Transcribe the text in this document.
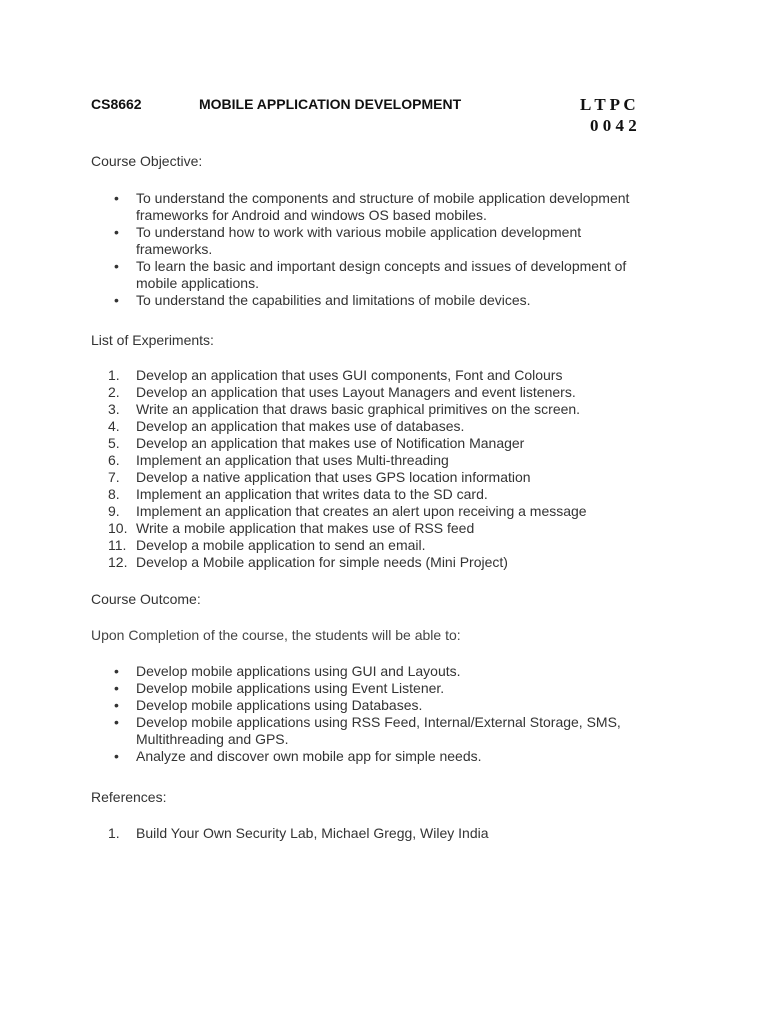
CS8662	MOBILE APPLICATION DEVELOPMENT	L T P C
0 0 4 2
Course Objective:
• To understand the components and structure of mobile application development frameworks for Android and windows OS based mobiles.
• To understand how to work with various mobile application development frameworks.
• To learn the basic and important design concepts and issues of development of mobile applications.
• To understand the capabilities and limitations of mobile devices.
List of Experiments:
1.	Develop an application that uses GUI components, Font and Colours
2.	Develop an application that uses Layout Managers and event listeners.
3.	Write an application that draws basic graphical primitives on the screen.
4.	Develop an application that makes use of databases.
5.	Develop an application that makes use of Notification Manager
6.	Implement an application that uses Multi-threading
7.	Develop a native application that uses GPS location information
8.	Implement an application that writes data to the SD card.
9.	Implement an application that creates an alert upon receiving a message
10. Write a mobile application that makes use of RSS feed
11. Develop a mobile application to send an email.
12. Develop a Mobile application for simple needs (Mini Project)
Course Outcome:
Upon Completion of the course, the students will be able to:
• Develop mobile applications using GUI and Layouts.
• Develop mobile applications using Event Listener.
• Develop mobile applications using Databases.
• Develop mobile applications using RSS Feed, Internal/External Storage, SMS, Multithreading and GPS.
• Analyze and discover own mobile app for simple needs.
References:
1.	Build Your Own Security Lab, Michael Gregg, Wiley India
